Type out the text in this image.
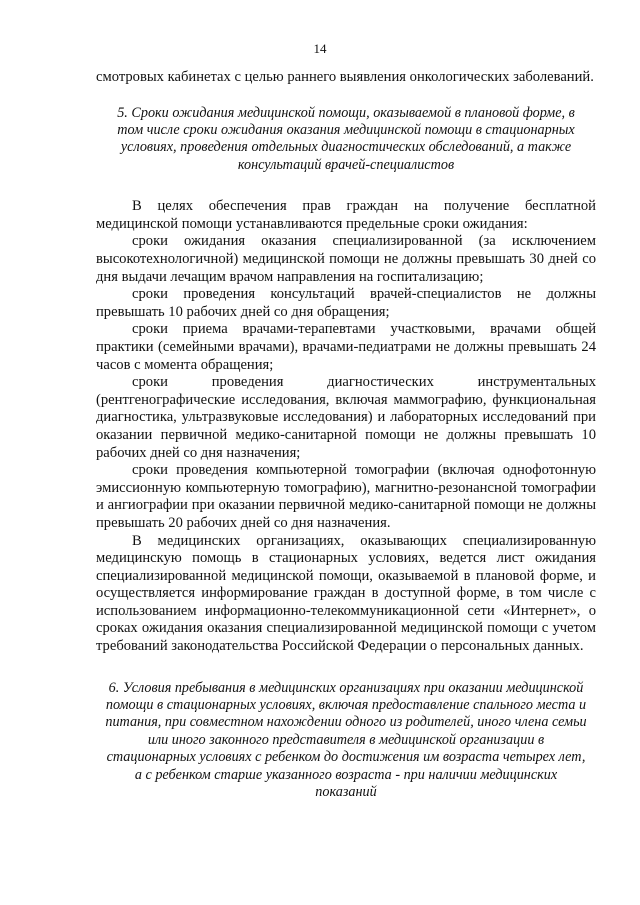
14

смотровых кабинетах с целью раннего выявления онкологических заболеваний.

5. Сроки ожидания медицинской помощи, оказываемой в плановой форме, в том числе сроки ожидания оказания медицинской помощи в стационарных условиях, проведения отдельных диагностических обследований, а также консультаций врачей-специалистов

В целях обеспечения прав граждан на получение бесплатной медицинской помощи устанавливаются предельные сроки ожидания:

сроки ожидания оказания специализированной (за исключением высокотехнологичной) медицинской помощи не должны превышать 30 дней со дня выдачи лечащим врачом направления на госпитализацию;

сроки проведения консультаций врачей-специалистов не должны превышать 10 рабочих дней со дня обращения;

сроки приема врачами-терапевтами участковыми, врачами общей практики (семейными врачами), врачами-педиатрами не должны превышать 24 часов с момента обращения;

сроки проведения диагностических инструментальных (рентгенографические исследования, включая маммографию, функциональная диагностика, ультразвуковые исследования) и лабораторных исследований при оказании первичной медико-санитарной помощи не должны превышать 10 рабочих дней со дня назначения;

сроки проведения компьютерной томографии (включая однофотонную эмиссионную компьютерную томографию), магнитно-резонансной томографии и ангиографии при оказании первичной медико-санитарной помощи не должны превышать 20 рабочих дней со дня назначения.

В медицинских организациях, оказывающих специализированную медицинскую помощь в стационарных условиях, ведется лист ожидания специализированной медицинской помощи, оказываемой в плановой форме, и осуществляется информирование граждан в доступной форме, в том числе с использованием информационно-телекоммуникационной сети «Интернет», о сроках ожидания оказания специализированной медицинской помощи с учетом требований законодательства Российской Федерации о персональных данных.

6. Условия пребывания в медицинских организациях при оказании медицинской помощи в стационарных условиях, включая предоставление спального места и питания, при совместном нахождении одного из родителей, иного члена семьи или иного законного представителя в медицинской организации в стационарных условиях с ребенком до достижения им возраста четырех лет, а с ребенком старше указанного возраста - при наличии медицинских показаний
